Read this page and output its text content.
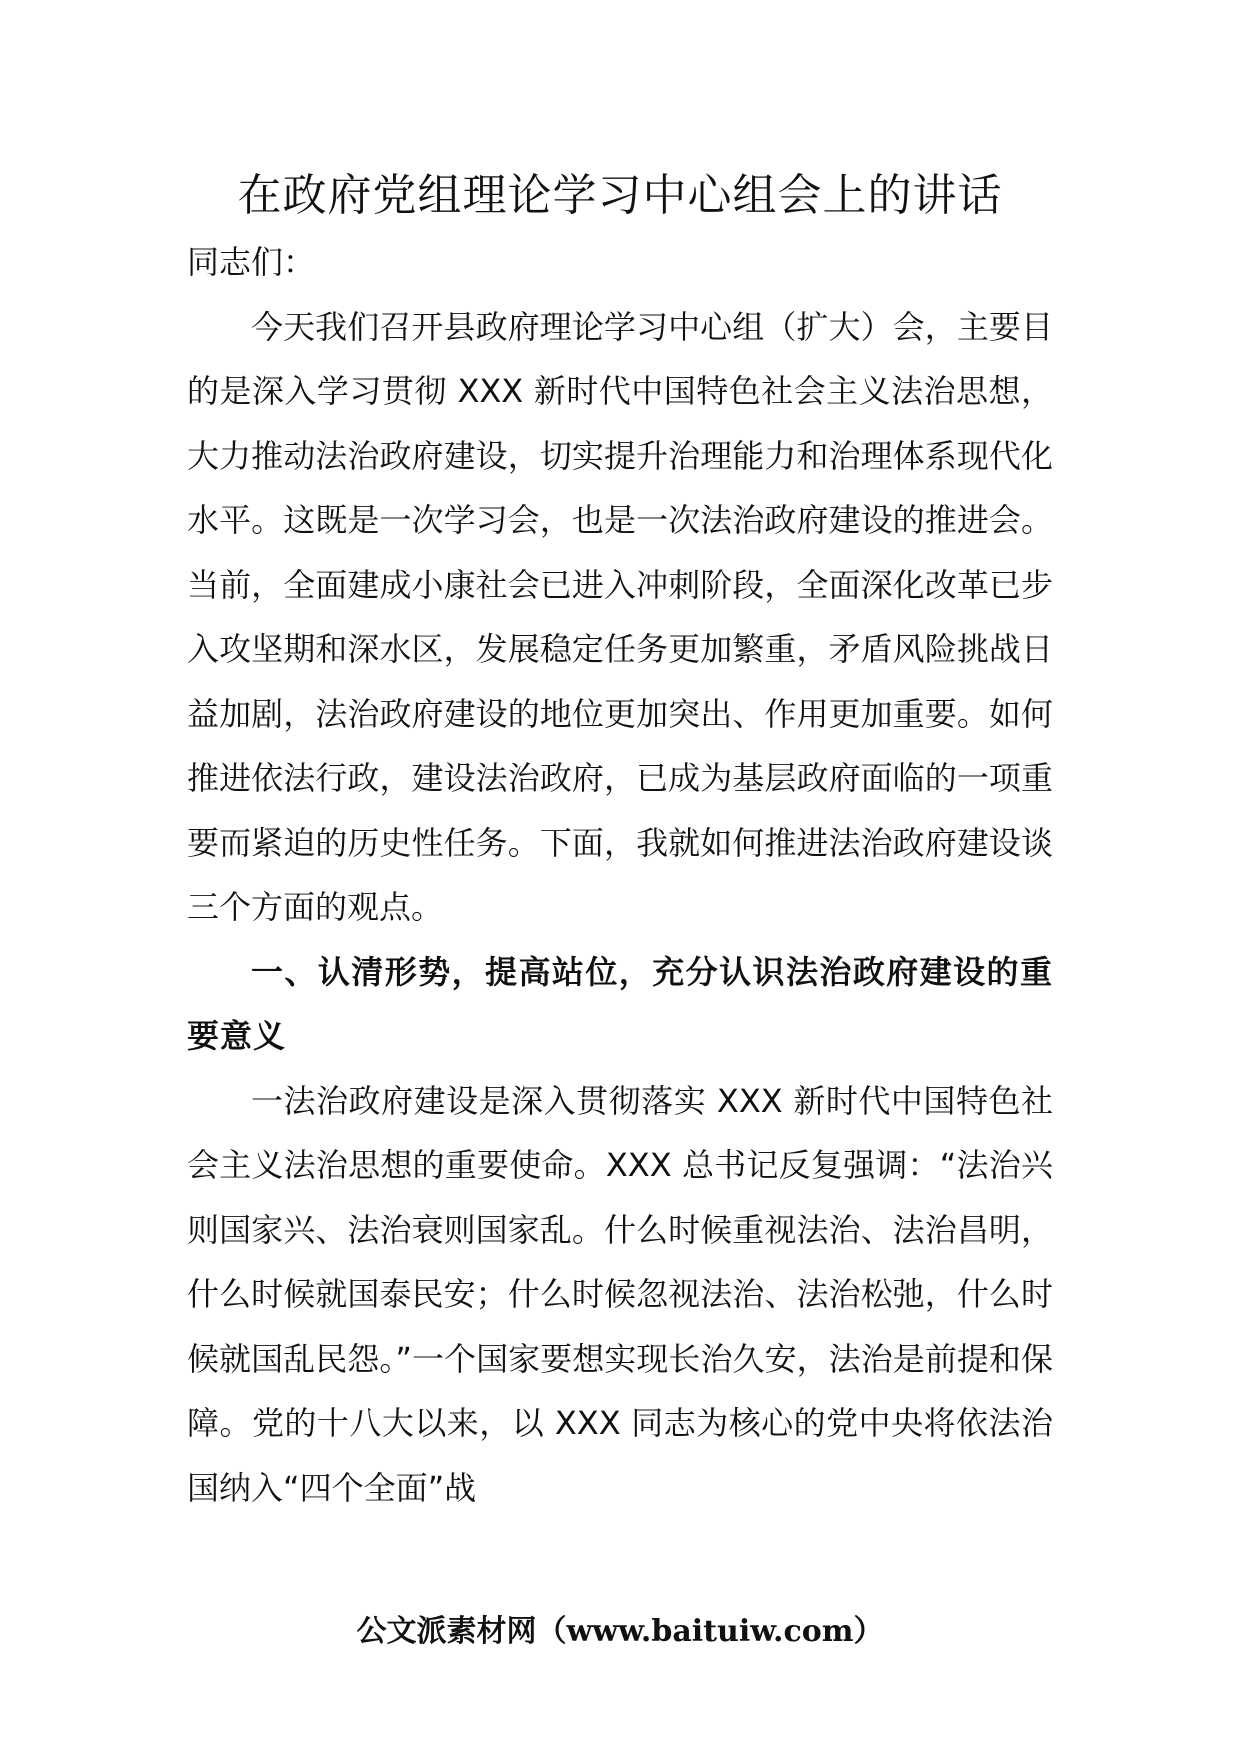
在政府党组理论学习中心组会上的讲话

同志们：

今天我们召开县政府理论学习中心组（扩大）会，主要目的是深入学习贯彻 XXX 新时代中国特色社会主义法治思想，大力推动法治政府建设，切实提升治理能力和治理体系现代化水平。这既是一次学习会，也是一次法治政府建设的推进会。当前，全面建成小康社会已进入冲刺阶段，全面深化改革已步入攻坚期和深水区，发展稳定任务更加繁重，矛盾风险挑战日益加剧，法治政府建设的地位更加突出、作用更加重要。如何推进依法行政，建设法治政府，已成为基层政府面临的一项重要而紧迫的历史性任务。下面，我就如何推进法治政府建设谈三个方面的观点。

一、认清形势，提高站位，充分认识法治政府建设的重要意义

一法治政府建设是深入贯彻落实 XXX 新时代中国特色社会主义法治思想的重要使命。XXX 总书记反复强调：“法治兴则国家兴、法治衰则国家乱。什么时候重视法治、法治昌明，什么时候就国泰民安；什么时候忽视法治、法治松弛，什么时候就国乱民怨。”一个国家要想实现长治久安，法治是前提和保障。党的十八大以来，以 XXX 同志为核心的党中央将依法治国纳入“四个全面”战

公文派素材网（www.baituiw.com）
